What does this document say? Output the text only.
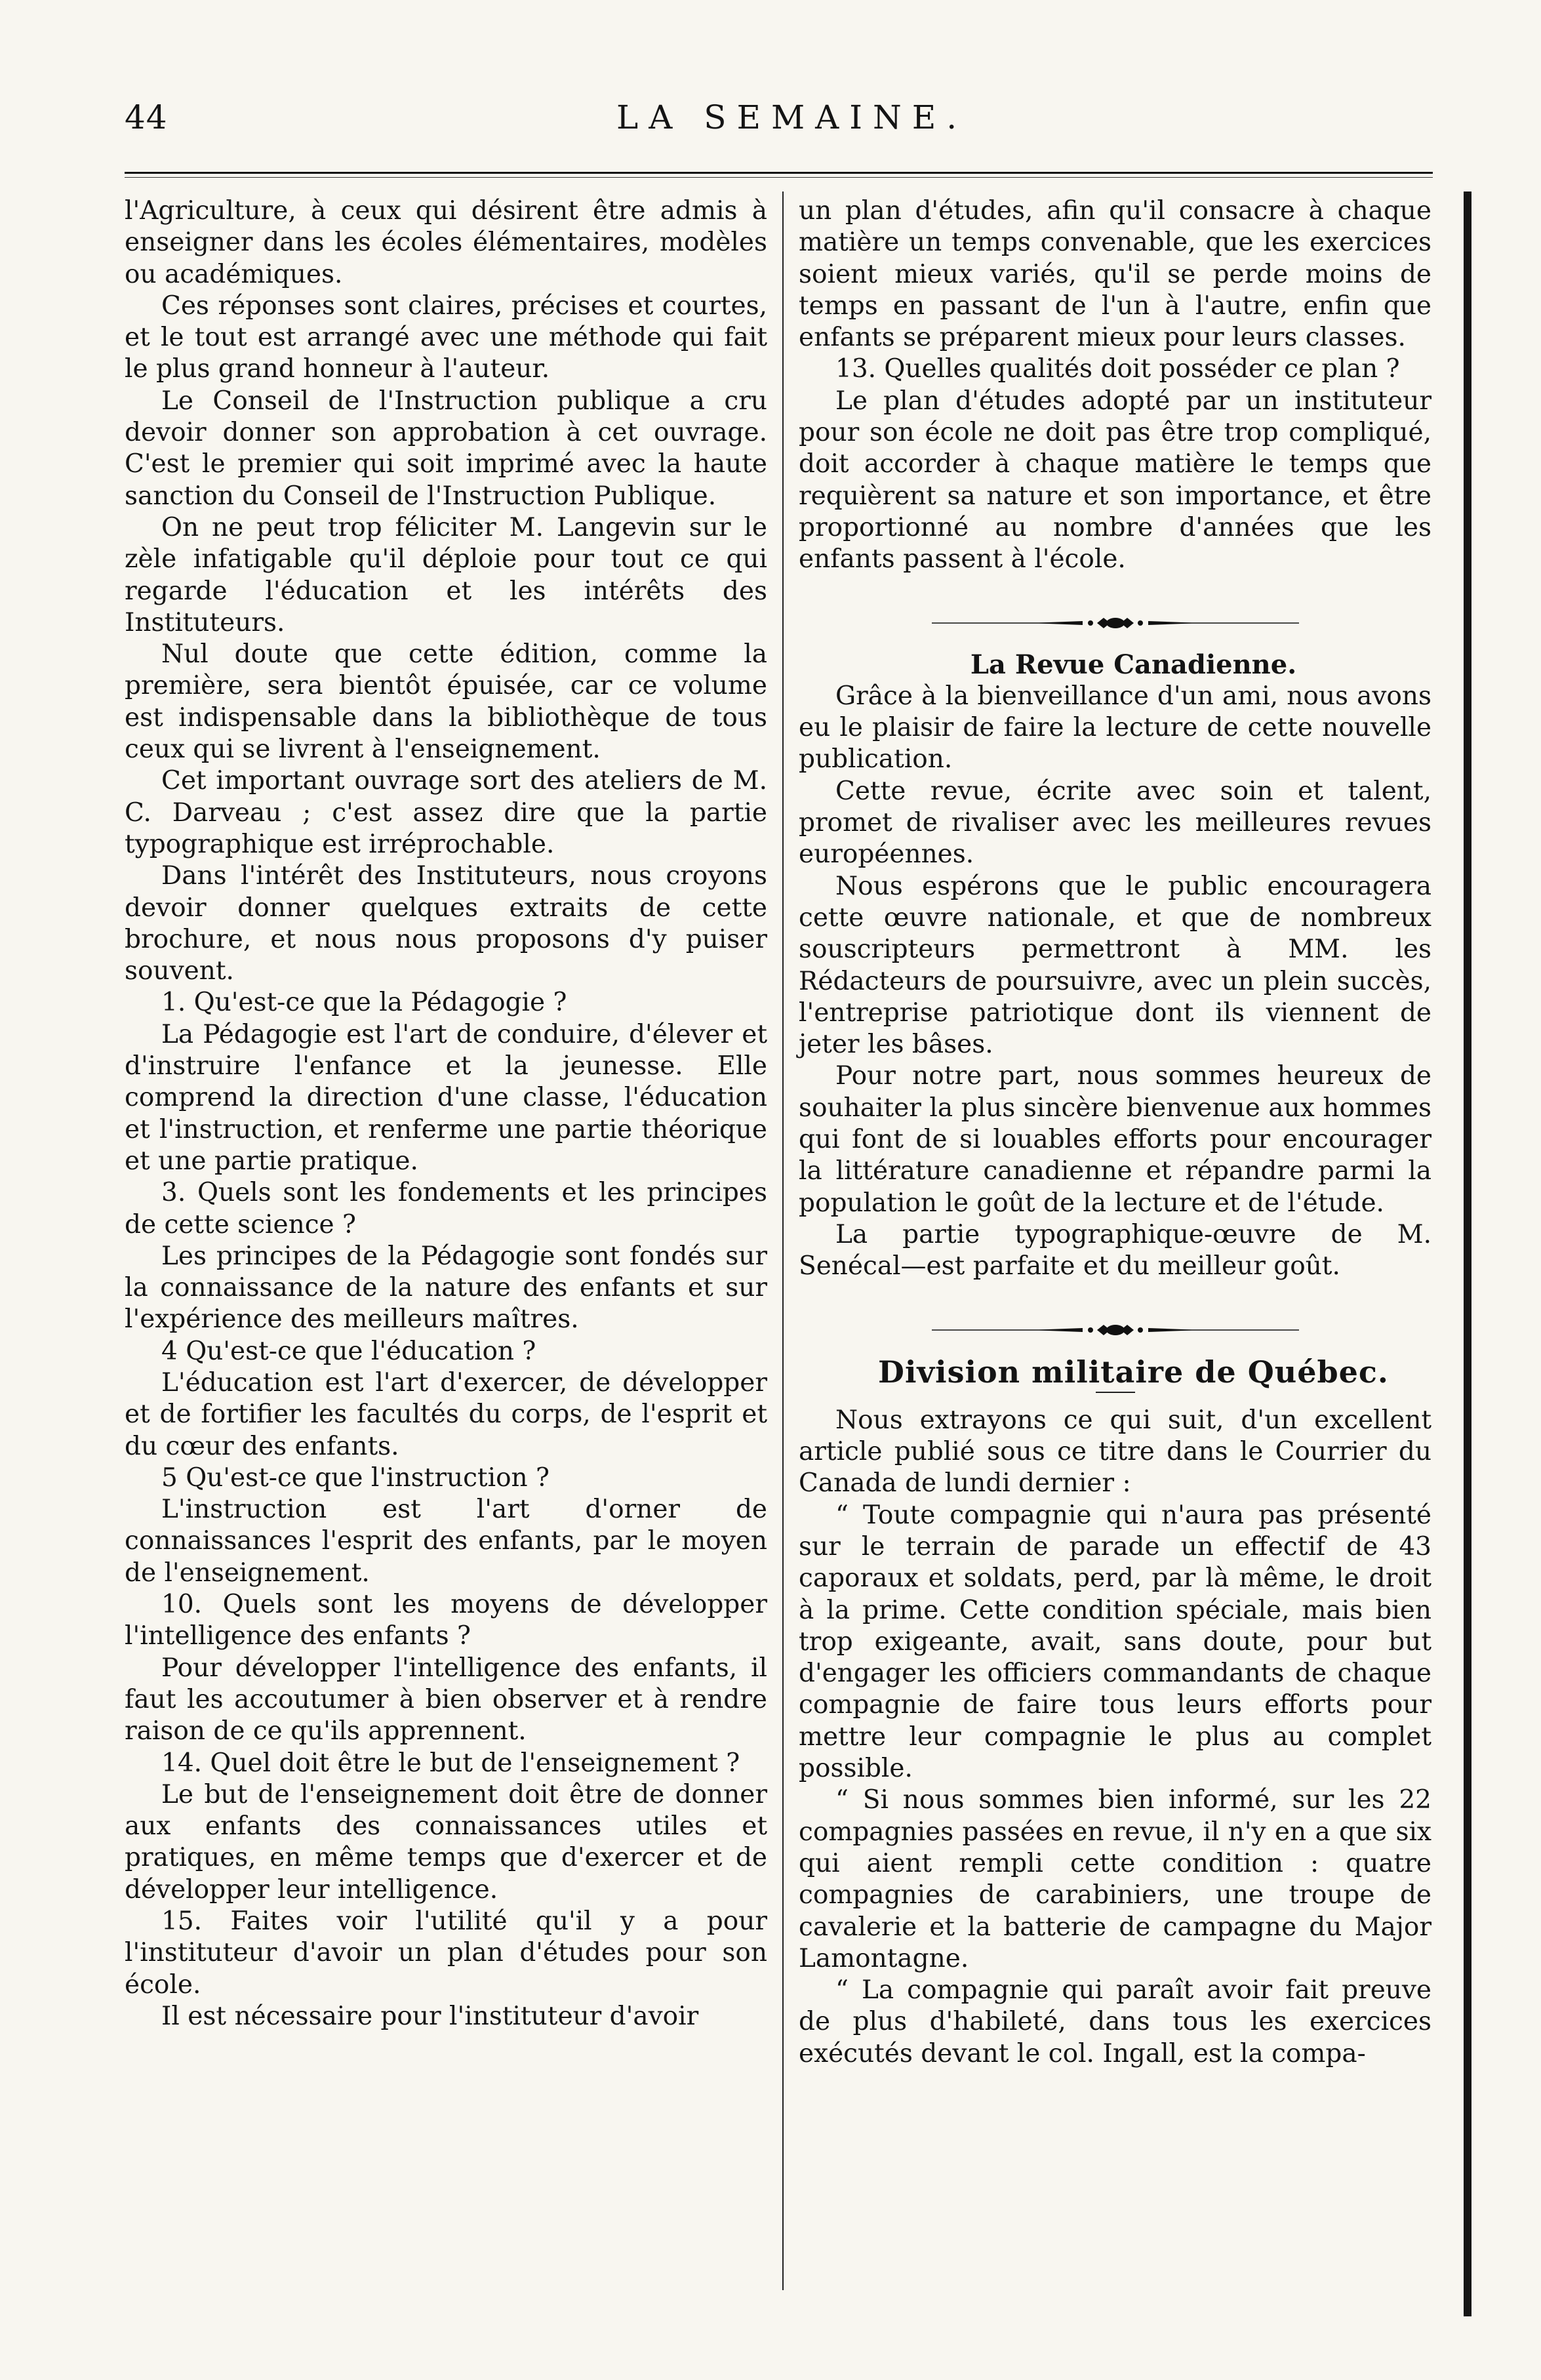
44	LA SEMAINE.

l'Agriculture, à ceux qui désirent être admis à enseigner dans les écoles élémentaires, modèles ou académiques.

Ces réponses sont claires, précises et courtes, et le tout est arrangé avec une méthode qui fait le plus grand honneur à l'auteur.

Le Conseil de l'Instruction publique a cru devoir donner son approbation à cet ouvrage. C'est le premier qui soit imprimé avec la haute sanction du Conseil de l'Instruction Publique.

On ne peut trop féliciter M. Langevin sur le zèle infatigable qu'il déploie pour tout ce qui regarde l'éducation et les intérêts des Instituteurs.

Nul doute que cette édition, comme la première, sera bientôt épuisée, car ce volume est indispensable dans la bibliothèque de tous ceux qui se livrent à l'enseignement.

Cet important ouvrage sort des ateliers de M. C. Darveau ; c'est assez dire que la partie typographique est irréprochable.

Dans l'intérêt des Instituteurs, nous croyons devoir donner quelques extraits de cette brochure, et nous nous proposons d'y puiser souvent.

1. Qu'est-ce que la Pédagogie ?

La Pédagogie est l'art de conduire, d'élever et d'instruire l'enfance et la jeunesse. Elle comprend la direction d'une classe, l'éducation et l'instruction, et renferme une partie théorique et une partie pratique.

3. Quels sont les fondements et les principes de cette science ?

Les principes de la Pédagogie sont fondés sur la connaissance de la nature des enfants et sur l'expérience des meilleurs maîtres.

4 Qu'est-ce que l'éducation ?

L'éducation est l'art d'exercer, de développer et de fortifier les facultés du corps, de l'esprit et du cœur des enfants.

5 Qu'est-ce que l'instruction ?

L'instruction est l'art d'orner de connaissances l'esprit des enfants, par le moyen de l'enseignement.

10. Quels sont les moyens de développer l'intelligence des enfants ?

Pour développer l'intelligence des enfants, il faut les accoutumer à bien observer et à rendre raison de ce qu'ils apprennent.

14. Quel doit être le but de l'enseignement ?

Le but de l'enseignement doit être de donner aux enfants des connaissances utiles et pratiques, en même temps que d'exercer et de développer leur intelligence.

15. Faites voir l'utilité qu'il y a pour l'instituteur d'avoir un plan d'études pour son école.

Il est nécessaire pour l'instituteur d'avoir

un plan d'études, afin qu'il consacre à chaque matière un temps convenable, que les exercices soient mieux variés, qu'il se perde moins de temps en passant de l'un à l'autre, enfin que enfants se préparent mieux pour leurs classes.

13. Quelles qualités doit posséder ce plan ?

Le plan d'études adopté par un instituteur pour son école ne doit pas être trop compliqué, doit accorder à chaque matière le temps que requièrent sa nature et son importance, et être proportionné au nombre d'années que les enfants passent à l'école.

La Revue Canadienne.

Grâce à la bienveillance d'un ami, nous avons eu le plaisir de faire la lecture de cette nouvelle publication.

Cette revue, écrite avec soin et talent, promet de rivaliser avec les meilleures revues européennes.

Nous espérons que le public encouragera cette œuvre nationale, et que de nombreux souscripteurs permettront à MM. les Rédacteurs de poursuivre, avec un plein succès, l'entreprise patriotique dont ils viennent de jeter les bâses.

Pour notre part, nous sommes heureux de souhaiter la plus sincère bienvenue aux hommes qui font de si louables efforts pour encourager la littérature canadienne et répandre parmi la population le goût de la lecture et de l'étude.

La partie typographique-œuvre de M. Senécal—est parfaite et du meilleur goût.

Division militaire de Québec.

Nous extrayons ce qui suit, d'un excellent article publié sous ce titre dans le Courrier du Canada de lundi dernier :

“ Toute compagnie qui n'aura pas présenté sur le terrain de parade un effectif de 43 caporaux et soldats, perd, par là même, le droit à la prime. Cette condition spéciale, mais bien trop exigeante, avait, sans doute, pour but d'engager les officiers commandants de chaque compagnie de faire tous leurs efforts pour mettre leur compagnie le plus au complet possible.

“ Si nous sommes bien informé, sur les 22 compagnies passées en revue, il n'y en a que six qui aient rempli cette condition : quatre compagnies de carabiniers, une troupe de cavalerie et la batterie de campagne du Major Lamontagne.

“ La compagnie qui paraît avoir fait preuve de plus d'habileté, dans tous les exercices exécutés devant le col. Ingall, est la compa-
